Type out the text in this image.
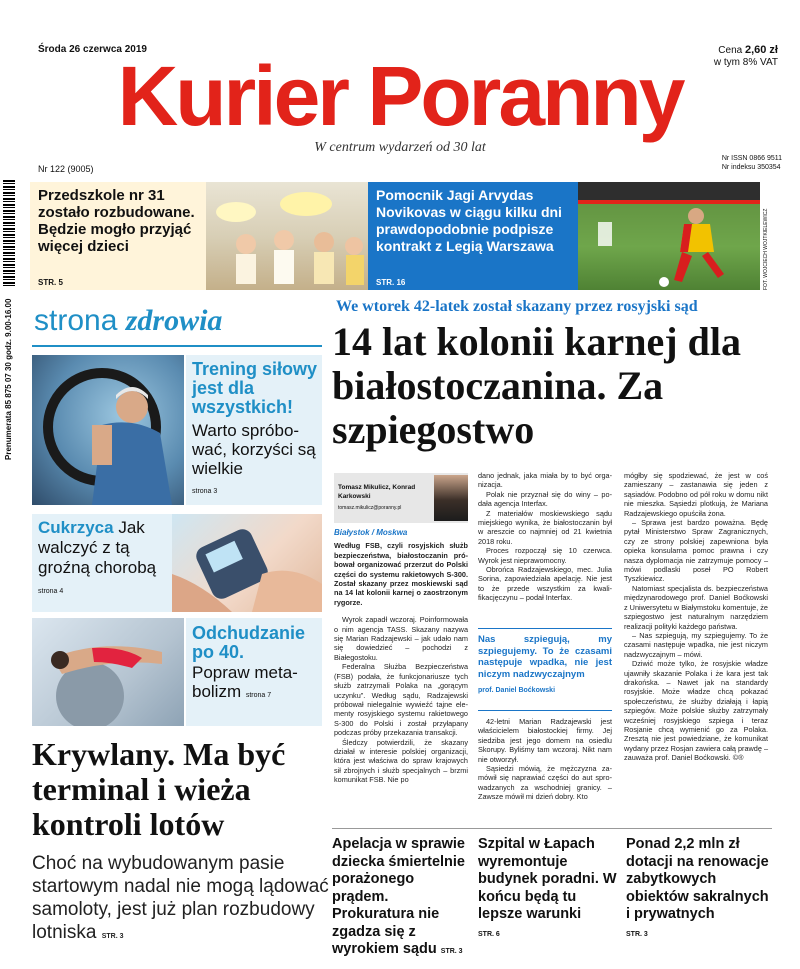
Środa 26 czerwca 2019	Cena 2,60 zł
w tym 8% VAT
Kurier Poranny
W centrum wydarzeń od 30 lat
Nr 122 (9005)
Nr ISSN 0866 9511
Nr indeksu 350354
Prenumerata 85 875 07 30 godz. 9.00-16.00
Przedszkole nr 31 zostało rozbudowane. Będzie mogło przyjąć więcej dzieci
STR. 5
Pomocnik Jagi Arvydas Novikovas w ciągu kilku dni prawdopodobnie podpisze kontrakt z Legią Warszawa
STR. 16	FOT. WOJCIECH WOJTKIELEWICZ
strona zdrowia
Trening siłowy jest dla wszystkich!
Warto spróbować, korzyści są wielkie
strona 3
Cukrzyca Jak walczyć z tą groźną chorobą strona 4
Odchudzanie po 40.
Popraw metabolizm strona 7
Krywlany. Ma być terminal i wieża kontroli lotów
Choć na wybudowanym pasie startowym nadal nie mogą lądować samoloty, jest już plan rozbudowy lotniska STR. 3
We wtorek 42-latek został skazany przez rosyjski sąd
14 lat kolonii karnej dla białostoczanina. Za szpiegostwo
Tomasz Mikulicz, Konrad Karkowski
tomasz.mikulicz@poranny.pl

Białystok / Moskwa

Według FSB, czyli rosyjskich służb bezpieczeństwa, białostoczanin próbował organizować przerzut do Polski części do systemu rakietowych S-300. Został skazany przez moskiewski sąd na 14 lat kolonii karnej o zaostrzonym rygorze.

Wyrok zapadł wczoraj. Poinformowała o nim agencja TASS. Skazany nazywa się Marian Radzajewski – jak udało nam się dowiedzieć – pochodzi z Białegostoku.

Federalna Służba Bezpieczeństwa (FSB) podała, że funkcjonariusze tych służb zatrzymali Polaka na „gorącym uczynku”. Według sądu, Radzajewski próbował nielegalnie wywieźć tajne elementy rosyjskiego systemu rakietowego S-300 do Polski i został przyłapany podczas próby przekazania transakcji.

Śledczy potwierdzili, że skazany działał w interesie polskiej organizacji, która jest właściwa do spraw krajowych sił zbrojnych i służb specjalnych – brzmi komunikat FSB. Nie po

dano jednak, jaka miała by to być organizacja.

Polak nie przyznał się do winy – podała agencja Interfax.

Z materiałów moskiewskiego sądu miejskiego wynika, że białostoczanin był w areszcie co najmniej od 21 kwietnia 2018 roku.

Proces rozpoczął się 10 czerwca. Wyrok jest nieprawomocny.

Obrońca Radzajewskiego, mec. Julia Sorina, zapowiedziała apelację. Nie jest to że przede wszystkim za kwalifikacjęczynu – podał Interfax.

Nas szpiegują, my szpiegujemy. To że czasami następuje wpadka, nie jest niczym nadzwyczajnym
prof. Daniel Boćkowski

42-letni Marian Radzajewski jest właścicielem białostockiej firmy. Jej siedziba jest jego domem na osiedlu Skorupy. Byliśmy tam wczoraj. Nikt nam nie otworzył.

Sąsiedzi mówią, że mężczyzna zamówił się naprawiać części do aut sprowadzanych za wschodniej granicy. – Zawsze mówił mi dzień dobry. Kto

mógłby się spodziewać, że jest w coś zamieszany – zastanawia się jeden z sąsiadów. Podobno od pół roku w domu nikt nie mieszka. Sąsiedzi plotkują, że Mariana Radzajewskiego opuściła żona.

– Sprawa jest bardzo poważna. Będę pytał Ministerstwo Spraw Zagranicznych, czy ze strony polskiej zapewniona była opieka konsularna pomoc prawna i czy nasza dyplomacja nie zatrzymuje pomocy – mówi podlaski poseł PO Robert Tyszkiewicz.

Natomiast specjalista ds. bezpieczeństwa międzynarodowego prof. Daniel Boćkowski z Uniwersytetu w Białymstoku komentuje, że szpiegostwo jest naturalnym narzędziem realizacji polityki każdego państwa.

– Nas szpiegują, my szpiegujemy. To że czasami następuje wpadka, nie jest niczym nadzwyczajnym – mówi.

Dziwić może tylko, że rosyjskie władze ujawniły skazanie Polaka i że kara jest tak drakońska. – Nawet jak na standardy rosyjskie. Może władze chcą pokazać społeczeństwu, że służby działają i łapią szpiegów. Może polskie służby zatrzymały wcześniej rosyjskiego szpiega i teraz Rosjanie chcą wymienić go za Polaka. Zresztą nie jest powiedziane, że komunikat wydany przez Rosjan zawiera całą prawdę – zauważa prof. Daniel Boćkowski. ©®

Apelacja w sprawie dziecka śmiertelnie porażonego prądem. Prokuratura nie zgadza się z wyrokiem sądu STR. 3
Szpital w Łapach wyremontuje budynek poradni. W końcu będą tu lepsze warunki
STR. 6
Ponad 2,2 mln zł dotacji na renowacje zabytkowych obiektów sakralnych i prywatnych
STR. 3
